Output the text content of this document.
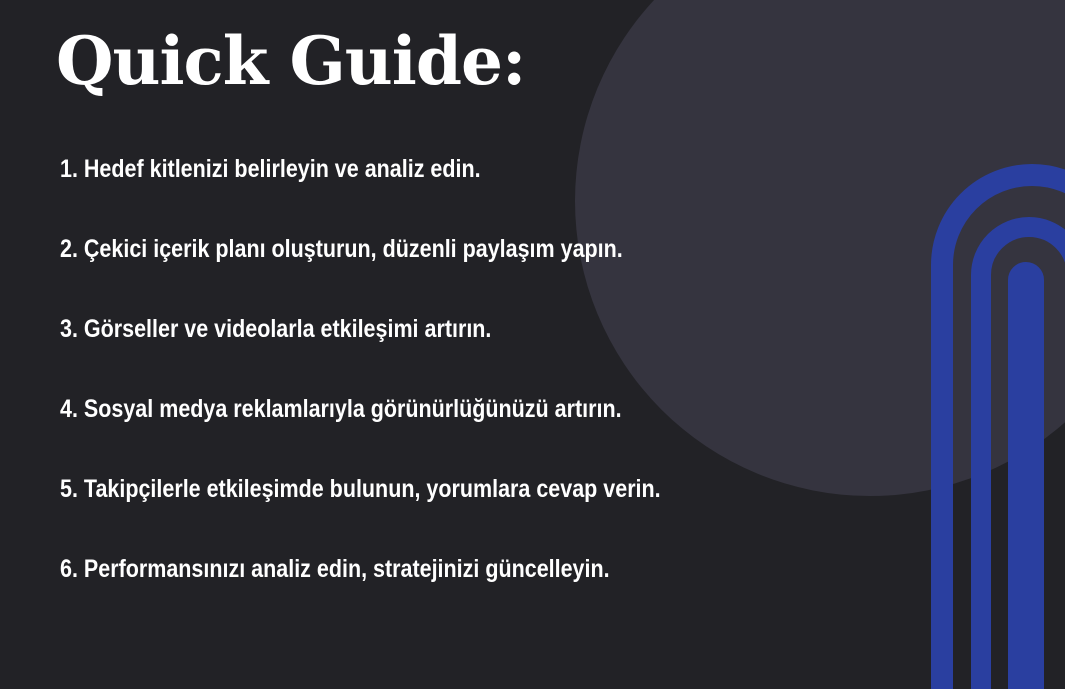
Quick Guide:
1. Hedef kitlenizi belirleyin ve analiz edin.
2. Çekici içerik planı oluşturun, düzenli paylaşım yapın.
3. Görseller ve videolarla etkileşimi artırın.
4. Sosyal medya reklamlarıyla görünürlüğünüzü artırın.
5. Takipçilerle etkileşimde bulunun, yorumlara cevap verin.
6. Performansınızı analiz edin, stratejinizi güncelleyin.
